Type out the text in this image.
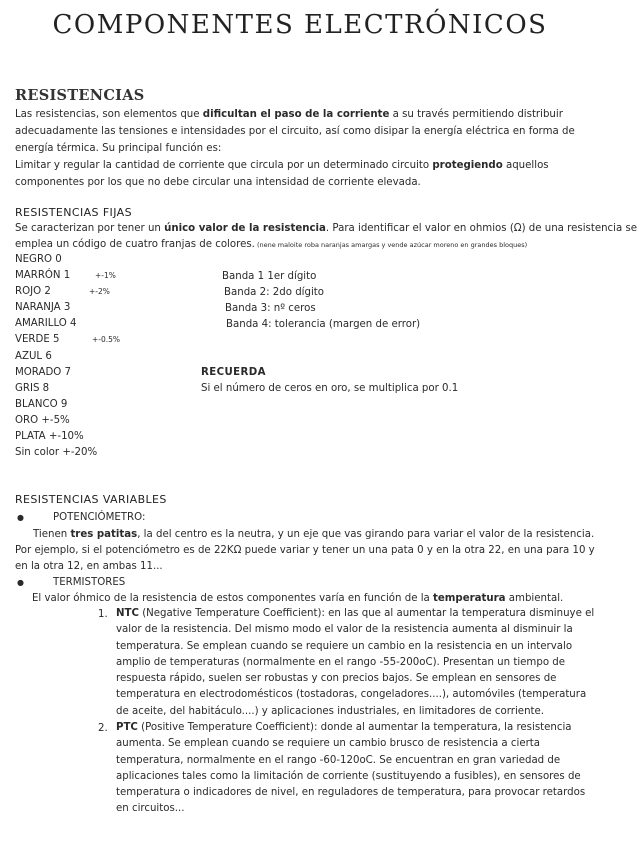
COMPONENTES ELECTRÓNICOS
RESISTENCIAS
Las resistencias, son elementos que dificultan el paso de la corriente a su través permitiendo distribuir
adecuadamente las tensiones e intensidades por el circuito, así como disipar la energía eléctrica en forma de
energía térmica. Su principal función es:
Limitar y regular la cantidad de corriente que circula por un determinado circuito protegiendo aquellos
componentes por los que no debe circular una intensidad de corriente elevada.
RESISTENCIAS FIJAS
Se caracterizan por tener un único valor de la resistencia. Para identificar el valor en ohmios (Ω) de una resistencia se
emplea un código de cuatro franjas de colores. (nene maloite roba naranjas amargas y vende azúcar moreno en grandes bloques)
NEGRO 0
MARRÓN 1	+-1%
ROJO 2	+-2%
NARANJA 3
AMARILLO 4
VERDE 5	+-0.5%
AZUL 6
MORADO 7
GRIS 8
BLANCO 9
ORO +-5%
PLATA +-10%
Sin color +-20%
Banda 1 1er dígito
Banda 2: 2do dígito
Banda 3: nº ceros
Banda 4: tolerancia (margen de error)
RECUERDA
Si el número de ceros en oro, se multiplica por 0.1
RESISTENCIAS VARIABLES
●	POTENCIÓMETRO:
Tienen tres patitas, la del centro es la neutra, y un eje que vas girando para variar el valor de la resistencia.
Por ejemplo, si el potenciómetro es de 22KΩ puede variar y tener un una pata 0 y en la otra 22, en una para 10 y
en la otra 12, en ambas 11...
●	TERMISTORES
El valor óhmico de la resistencia de estos componentes varía en función de la temperatura ambiental.
1. NTC (Negative Temperature Coefficient): en las que al aumentar la temperatura disminuye el
valor de la resistencia. Del mismo modo el valor de la resistencia aumenta al disminuir la
temperatura. Se emplean cuando se requiere un cambio en la resistencia en un intervalo
amplio de temperaturas (normalmente en el rango -55-200oC). Presentan un tiempo de
respuesta rápido, suelen ser robustas y con precios bajos. Se emplean en sensores de
temperatura en electrodomésticos (tostadoras, congeladores....), automóviles (temperatura
de aceite, del habitáculo....) y aplicaciones industriales, en limitadores de corriente.
2. PTC (Positive Temperature Coefficient): donde al aumentar la temperatura, la resistencia
aumenta. Se emplean cuando se requiere un cambio brusco de resistencia a cierta
temperatura, normalmente en el rango -60-120oC. Se encuentran en gran variedad de
aplicaciones tales como la limitación de corriente (sustituyendo a fusibles), en sensores de
temperatura o indicadores de nivel, en reguladores de temperatura, para provocar retardos
en circuitos...
